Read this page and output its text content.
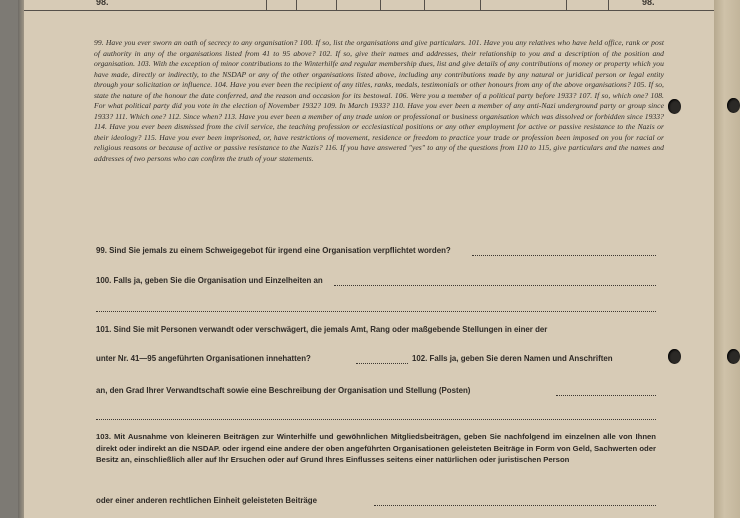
98.	98.
99. Have you ever sworn an oath of secrecy to any organisation? 100. If so, list the organisations and give particulars. 101. Have you any relatives who have held office, rank or post of authority in any of the organisations listed from 41 to 95 above? 102. If so, give their names and addresses, their relationship to you and a description of the position and organisation. 103. With the exception of minor contributions to the Winterhilfe and regular membership dues, list and give details of any contributions of money or property which you have made, directly or indirectly, to the NSDAP or any of the other organisations listed above, including any contributions made by any natural or juridical person or legal entity through your solicitation or influence. 104. Have you ever been the recipient of any titles, ranks, medals, testimonials or other honours from any of the above organisations? 105. If so, state the nature of the honour the date conferred, and the reason and occasion for its bestowal. 106. Were you a member of a political party before 1933? 107. If so, which one? 108. For what political party did you vote in the election of November 1932? 109. In March 1933? 110. Have you ever been a member of any anti-Nazi underground party or group since 1933? 111. Which one? 112. Since when? 113. Have you ever been a member of any trade union or professional or business organisation which was dissolved or forbidden since 1933? 114. Have you ever been dismissed from the civil service, the teaching profession or ecclesiastical positions or any other employment for active or passive resistance to the Nazis or their ideology? 115. Have you ever been imprisoned, or, have restrictions of movement, residence or freedom to practice your trade or profession been imposed on you for racial or religious reasons or because of active or passive resistance to the Nazis? 116. If you have answered "yes" to any of the questions from 110 to 115, give particulars and the names and addresses of two persons who can confirm the truth of your statements.
99. Sind Sie jemals zu einem Schweigegebot für irgend eine Organisation verpflichtet worden?
100. Falls ja, geben Sie die Organisation und Einzelheiten an
101. Sind Sie mit Personen verwandt oder verschwägert, die jemals Amt, Rang oder maßgebende Stellungen in einer der
unter Nr. 41—95 angeführten Organisationen innehatten?	102. Falls ja, geben Sie deren Namen und Anschriften
an, den Grad Ihrer Verwandtschaft sowie eine Beschreibung der Organisation und Stellung (Posten)
103. Mit Ausnahme von kleineren Beiträgen zur Winterhilfe und gewöhnlichen Mitgliedsbeiträgen, geben Sie nachfolgend im einzelnen alle von Ihnen direkt oder indirekt an die NSDAP. oder irgend eine andere der oben angeführten Organisationen geleisteten Beiträge in Form von Geld, Sachwerten oder Besitz an, einschließlich aller auf Ihr Ersuchen oder auf Grund Ihres Einflusses seitens einer natürlichen oder juristischen Person
oder einer anderen rechtlichen Einheit geleisteten Beiträge
